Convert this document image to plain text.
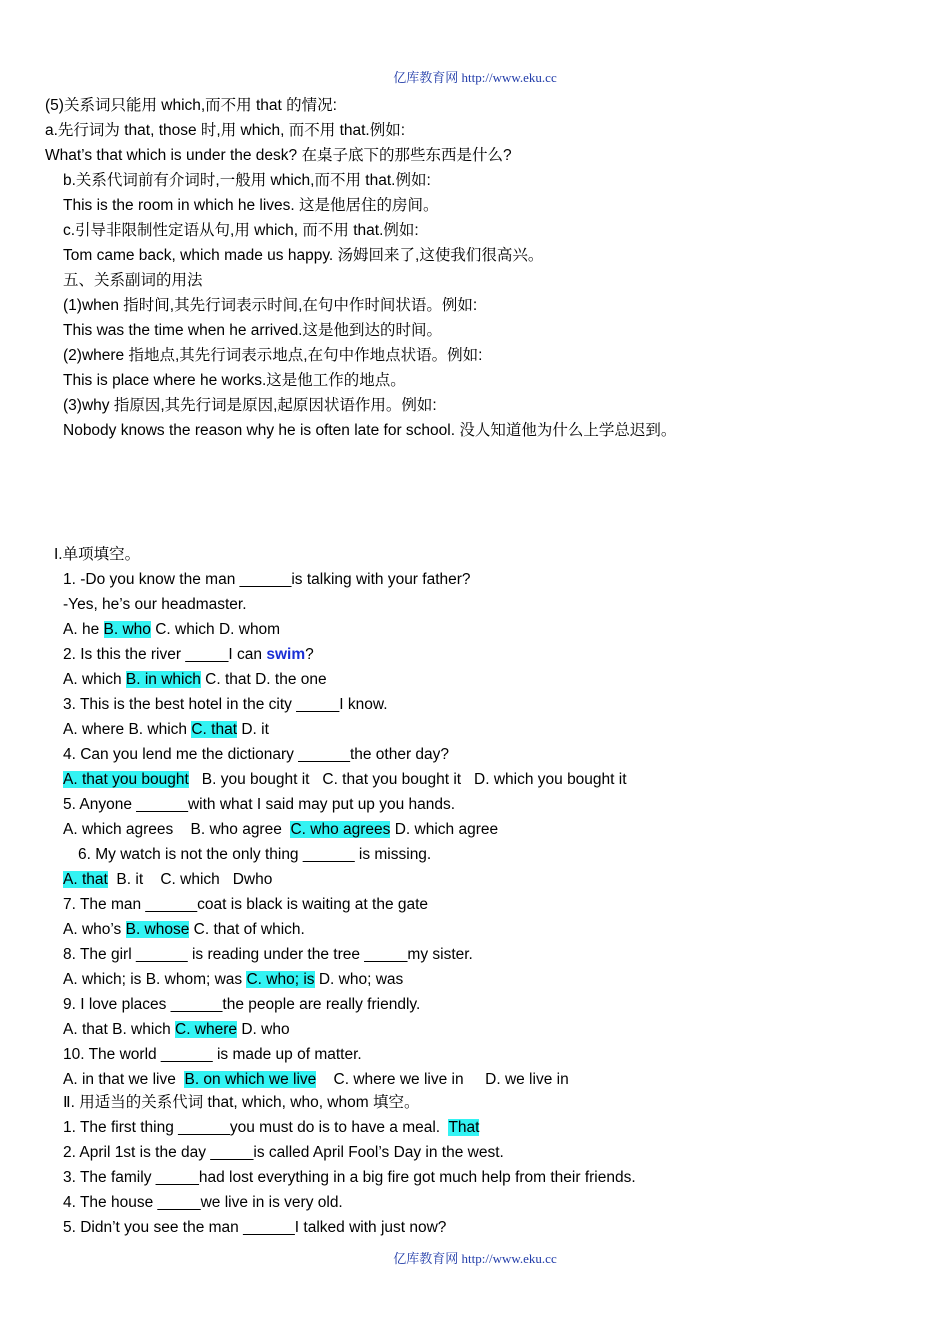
亿库教育网 http://www.eku.cc
(5)关系词只能用 which,而不用 that 的情况:
a.先行词为 that, those 时,用 which, 而不用 that.例如:
What’s that which is under the desk? 在桌子底下的那些东西是什么?
b.关系代词前有介词时,一般用 which,而不用 that.例如:
This is the room in which he lives. 这是他居住的房间。
c.引导非限制性定语从句,用 which, 而不用 that.例如:
Tom came back, which made us happy. 汤姆回来了,这使我们很高兴。
五、关系副词的用法
(1)when 指时间,其先行词表示时间,在句中作时间状语。例如:
This was the time when he arrived.这是他到达的时间。
(2)where 指地点,其先行词表示地点,在句中作地点状语。例如:
This is place where he works.这是他工作的地点。
(3)why 指原因,其先行词是原因,起原因状语作用。例如:
Nobody knows the reason why he is often late for school. 没人知道他为什么上学总迟到。
I.单项填空。
1. -Do you know the man ______is talking with your father?
-Yes, he’s our headmaster.
A. he B. who C. which D. whom
2. Is this the river _____I can swim?
A. which B. in which C. that D. the one
3. This is the best hotel in the city _____I know.
A. where B. which C. that D. it
4. Can you lend me the dictionary ______the other day?
A. that you bought   B. you bought it   C. that you bought it   D. which you bought it
5. Anyone ______with what I said may put up you hands.
A. which agrees    B. who agree  C. who agrees D. which agree
6. My watch is not the only thing ______ is missing.
A. that  B. it    C. which   Dwho
7. The man ______coat is black is waiting at the gate
A. who’s B. whose C. that of which.
8. The girl ______ is reading under the tree _____my sister.
A. which; is B. whom; was C. who; is D. who; was
9. I love places ______the people are really friendly.
A. that B. which C. where D. who
10. The world ______ is made up of matter.
A. in that we live  B. on which we live    C. where we live in     D. we live in
Ⅱ. 用适当的关系代词 that, which, who, whom 填空。
1. The first thing ______you must do is to have a meal.  That
2. April 1st is the day _____is called April Fool’s Day in the west.
3. The family _____had lost everything in a big fire got much help from their friends.
4. The house _____we live in is very old.
5. Didn’t you see the man ______I talked with just now?
亿库教育网 http://www.eku.cc
